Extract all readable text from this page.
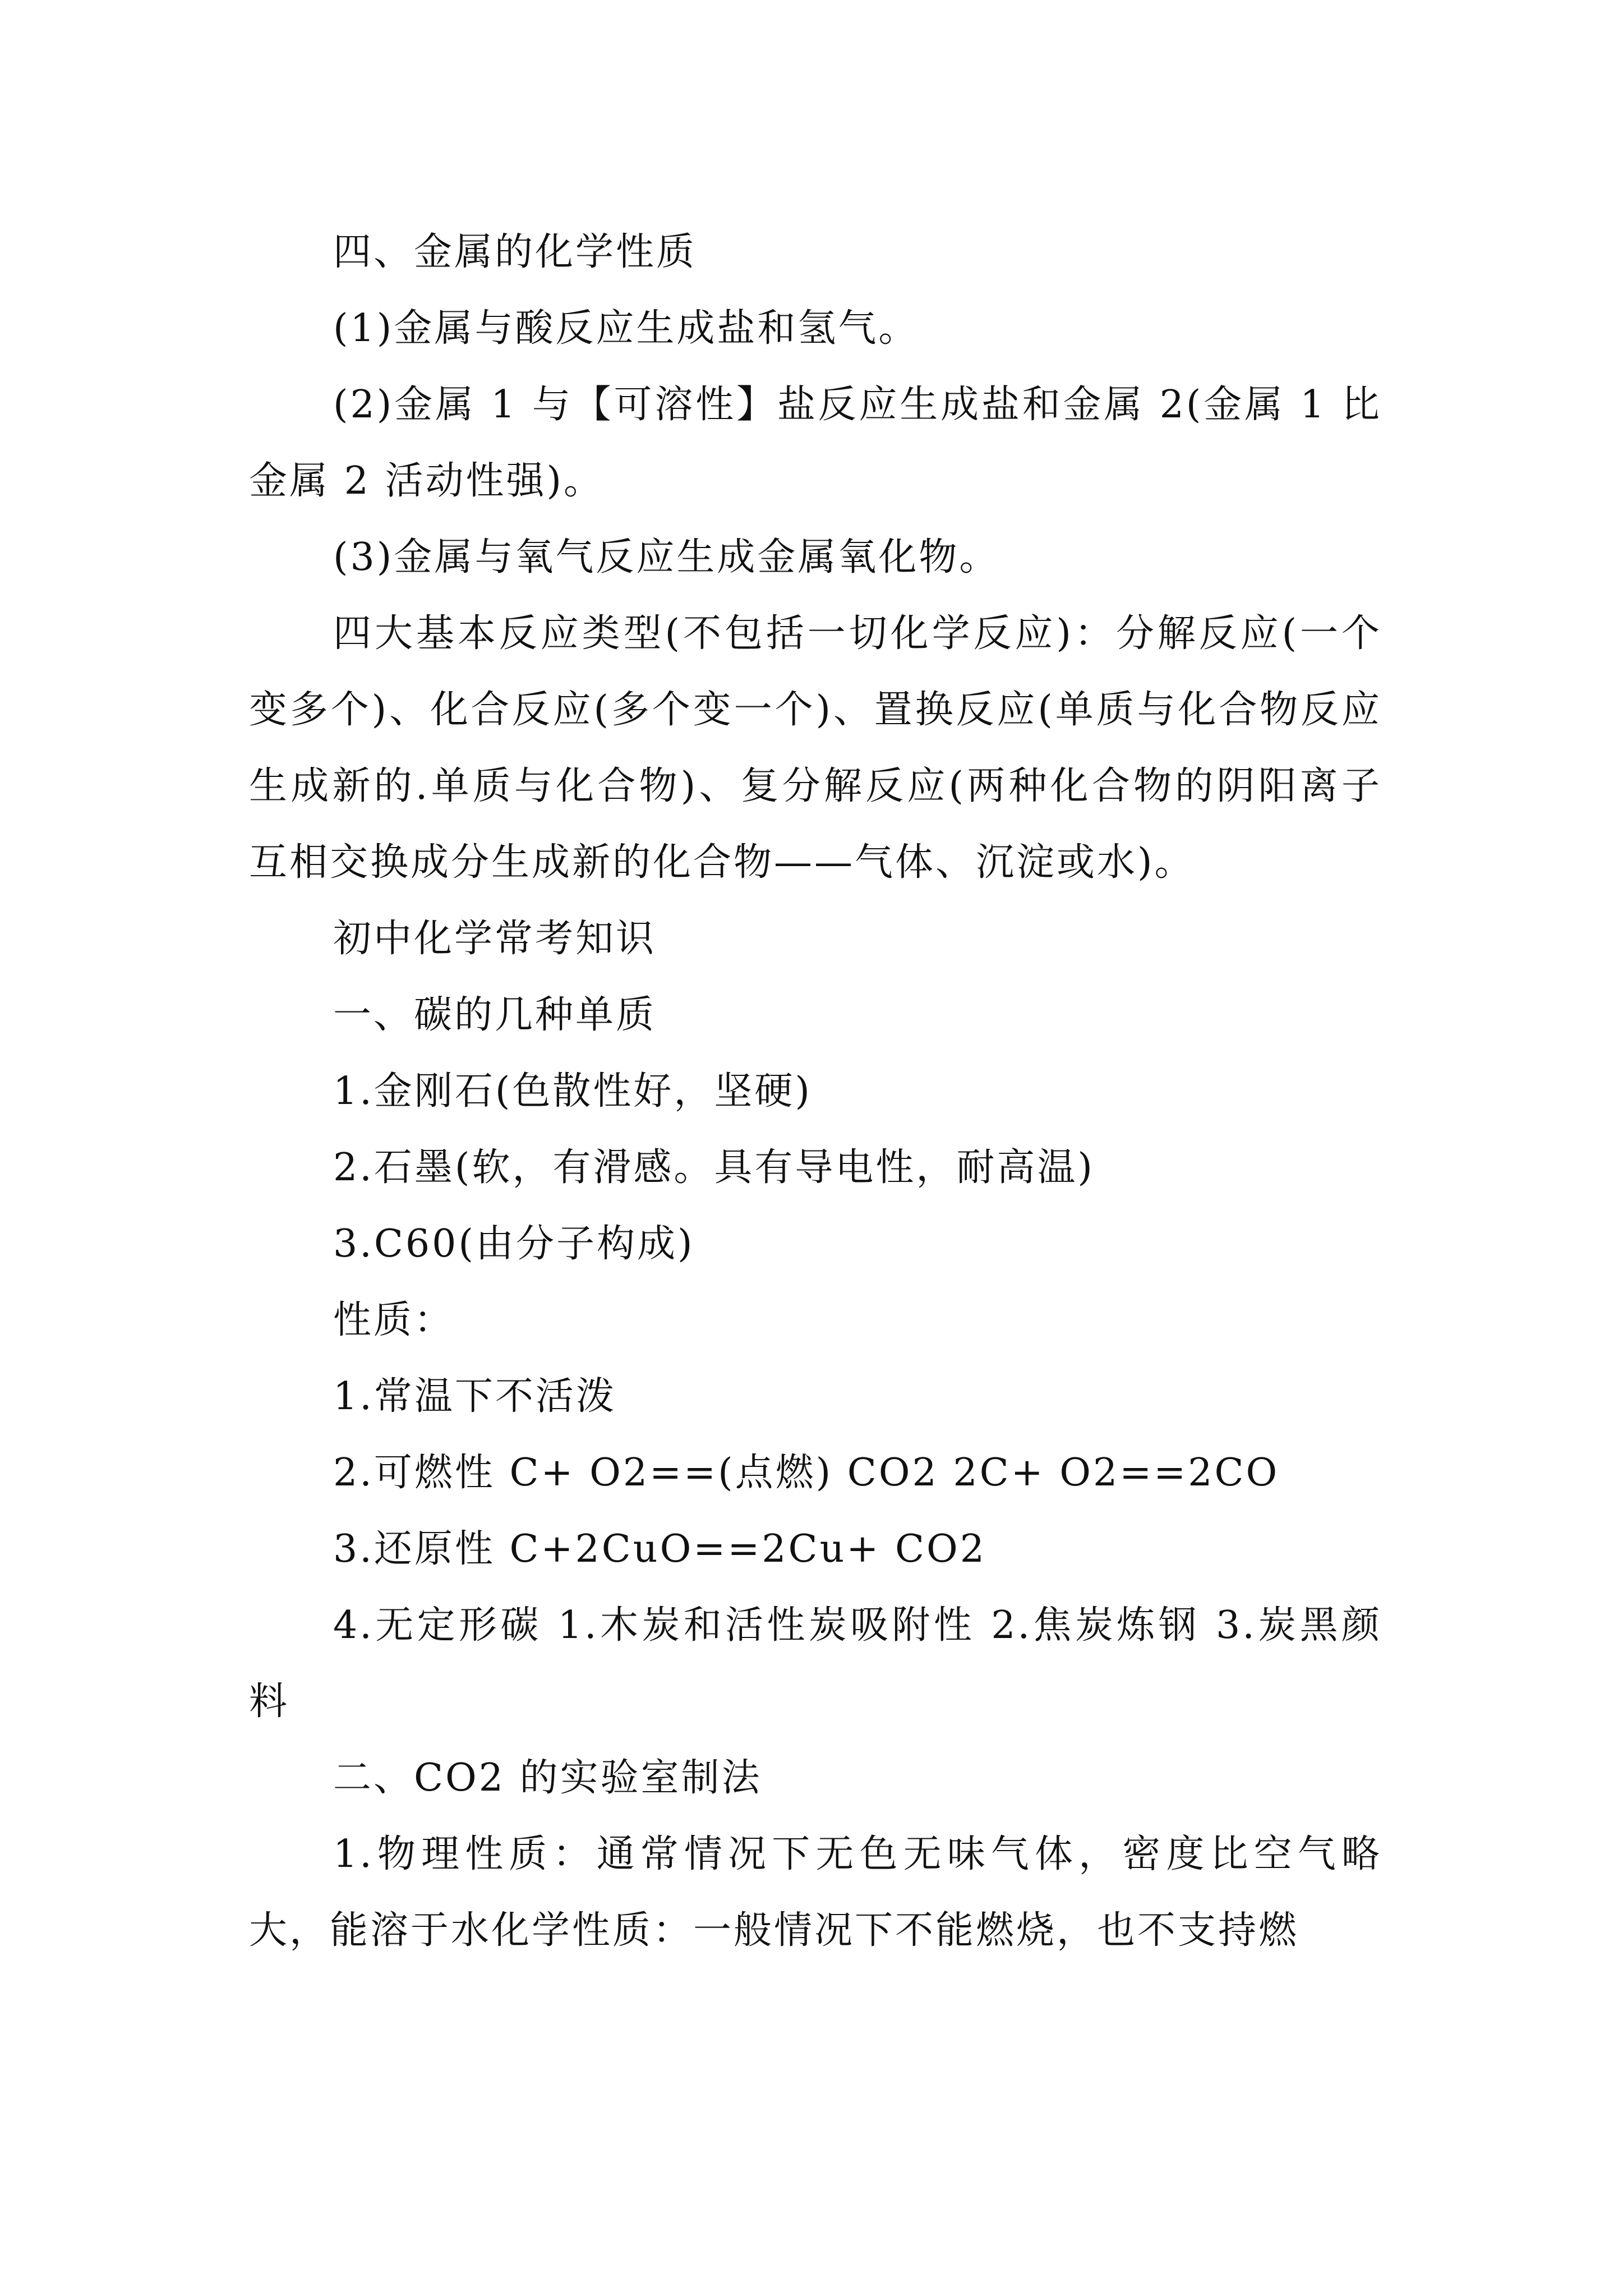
四、金属的化学性质

(1)金属与酸反应生成盐和氢气。

(2)金属 1 与【可溶性】盐反应生成盐和金属 2(金属 1 比金属 2 活动性强)。

(3)金属与氧气反应生成金属氧化物。

四大基本反应类型(不包括一切化学反应)：分解反应(一个变多个)、化合反应(多个变一个)、置换反应(单质与化合物反应生成新的.单质与化合物)、复分解反应(两种化合物的阴阳离子互相交换成分生成新的化合物——气体、沉淀或水)。

初中化学常考知识

一、碳的几种单质

1.金刚石(色散性好，坚硬)

2.石墨(软，有滑感。具有导电性，耐高温)

3.C60(由分子构成)

性质：

1.常温下不活泼

2.可燃性 C+ O2==(点燃) CO2 2C+ O2==2CO

3.还原性 C+2CuO==2Cu+ CO2

4.无定形碳 1.木炭和活性炭吸附性 2.焦炭炼钢 3.炭黑颜料

二、CO2 的实验室制法

1.物理性质：通常情况下无色无味气体，密度比空气略大，能溶于水化学性质：一般情况下不能燃烧，也不支持燃
